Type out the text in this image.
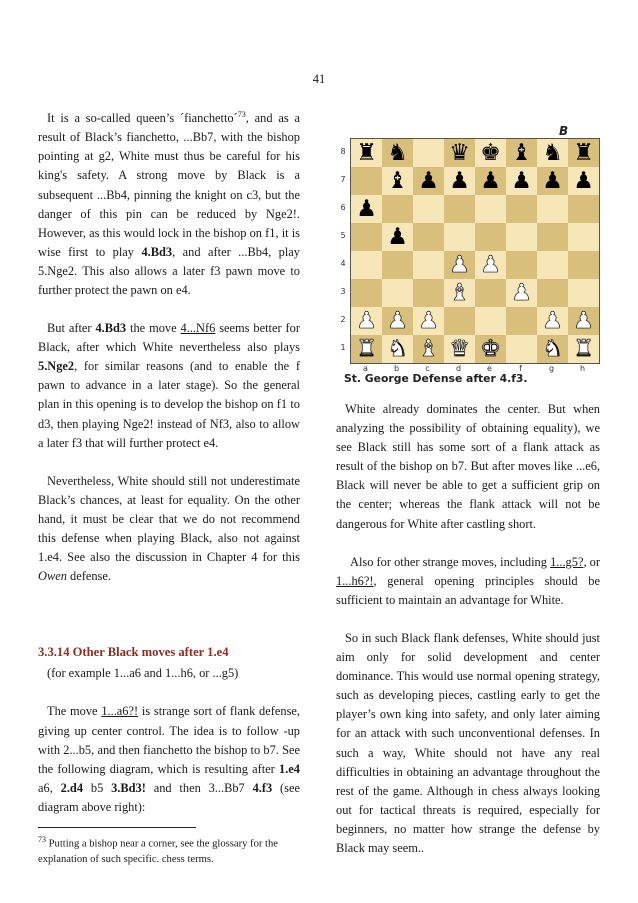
41

It is a so-called queen’s ´fianchetto´$^{73}$, and as a result of Black’s fianchetto, ...Bb7, with the bishop pointing at g2, White must thus be careful for his king's safety. A strong move by Black is a subsequent ...Bb4, pinning the knight on c3, but the danger of this pin can be reduced by Nge2!. However, as this would lock in the bishop on f1, it is wise first to play 4.Bd3, and after ...Bb4, play 5.Nge2. This also allows a later f3 pawn move to further protect the pawn on e4.

But after 4.Bd3 the move 4...Nf6 seems better for Black, after which White nevertheless also plays 5.Nge2, for similar reasons (and to enable the f pawn to advance in a later stage). So the general plan in this opening is to develop the bishop on f1 to d3, then playing Nge2! instead of Nf3, also to allow a later f3 that will further protect e4.

Nevertheless, White should still not underestimate Black’s chances, at least for equality. On the other hand, it must be clear that we do not recommend this defense when playing Black, also not against 1.e4. See also the discussion in Chapter 4 for this Owen defense.

3.3.14 Other Black moves after 1.e4

(for example 1...a6 and 1...h6, or ...g5)

The move 1...a6?! is strange sort of flank defense, giving up center control. The idea is to follow -up with 2...b5, and then fianchetto the bishop to b7. See the following diagram, which is resulting after 1.e4 a6, 2.d4 b5 3.Bd3! and then 3...Bb7 4.f3 (see diagram above right):

$^{73}$ Putting a bishop near a corner, see the glossary for the explanation of such specific. chess terms.
B
8
7
6
5
4
3
2
1
♜ ♞ ♛ ♚ ♝ ♞ ♜
♝ ♟ ♟ ♟ ♟ ♟ ♟
♟
♟
♟ ♟
♝ ♟
♟ ♟ ♟	♟ ♟
♜ ♞ ♝ ♛ ♚ ♞ ♜
a	b	c	d	e	f	g	h
St. George Defense after 4.f3.

White already dominates the center. But when analyzing the possibility of obtaining equality), we see Black still has some sort of a flank attack as result of the bishop on b7. But after moves like ...e6, Black will never be able to get a sufficient grip on the center; whereas the flank attack will not be dangerous for White after castling short.

Also for other strange moves, including 1...g5?, or 1...h6?!, general opening principles should be sufficient to maintain an advantage for White.

So in such Black flank defenses, White should just aim only for solid development and center dominance. This would use normal opening strategy, such as developing pieces, castling early to get the player’s own king into safety, and only later aiming for an attack with such unconventional defenses. In such a way, White should not have any real difficulties in obtaining an advantage throughout the rest of the game. Although in chess always looking out for tactical threats is required, especially for beginners, no matter how strange the defense by Black may seem..
